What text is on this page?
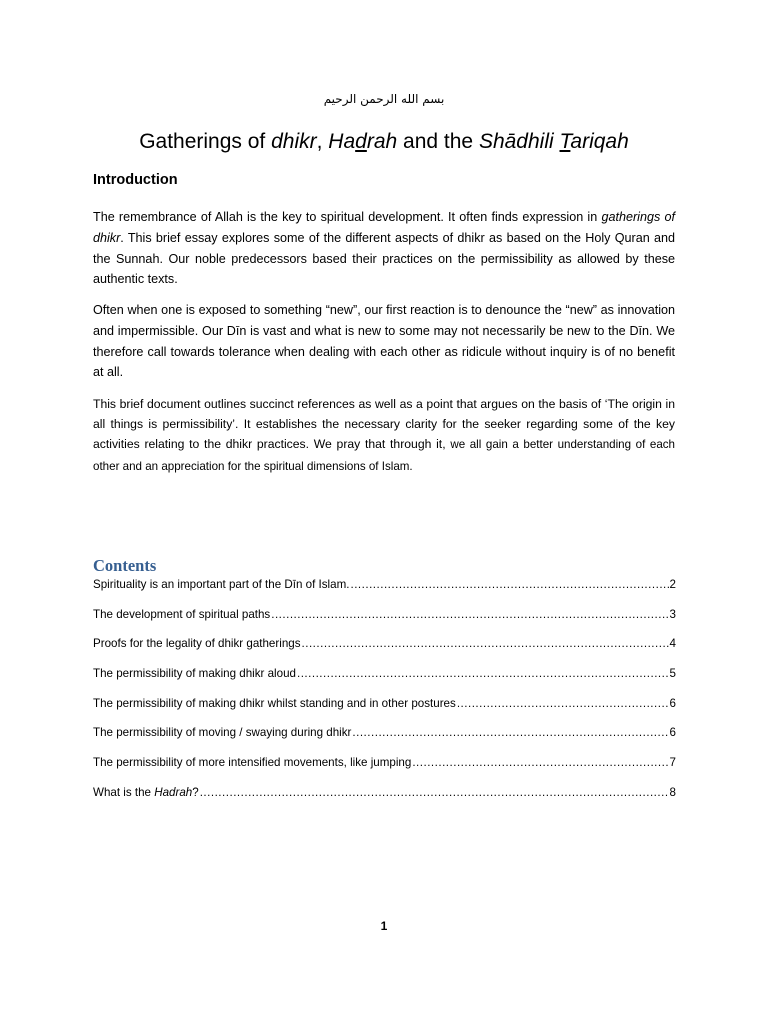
بسم الله الرحمن الرحيم
Gatherings of dhikr, Hadrah and the Shādhili Tariqah
Introduction

The remembrance of Allah is the key to spiritual development. It often finds expression in gatherings of dhikr. This brief essay explores some of the different aspects of dhikr as based on the Holy Quran and the Sunnah. Our noble predecessors based their practices on the permissibility as allowed by these authentic texts.

Often when one is exposed to something “new”, our first reaction is to denounce the “new” as innovation and impermissible. Our Dīn is vast and what is new to some may not necessarily be new to the Dīn. We therefore call towards tolerance when dealing with each other as ridicule without inquiry is of no benefit at all.

This brief document outlines succinct references as well as a point that argues on the basis of ‘The origin in all things is permissibility’. It establishes the necessary clarity for the seeker regarding some of the key activities relating to the dhikr practices. We pray that through it, we all gain a better understanding of each other and an appreciation for the spiritual dimensions of Islam.

Contents
Spirituality is an important part of the Dīn of Islam. .....	2
The development of spiritual paths .....	3
Proofs for the legality of dhikr gatherings .....	4
The permissibility of making dhikr aloud .....	5
The permissibility of making dhikr whilst standing and in other postures .....	6
The permissibility of moving / swaying during dhikr .....	6
The permissibility of more intensified movements, like jumping .....	7
What is the Hadrah? .....	8
1
